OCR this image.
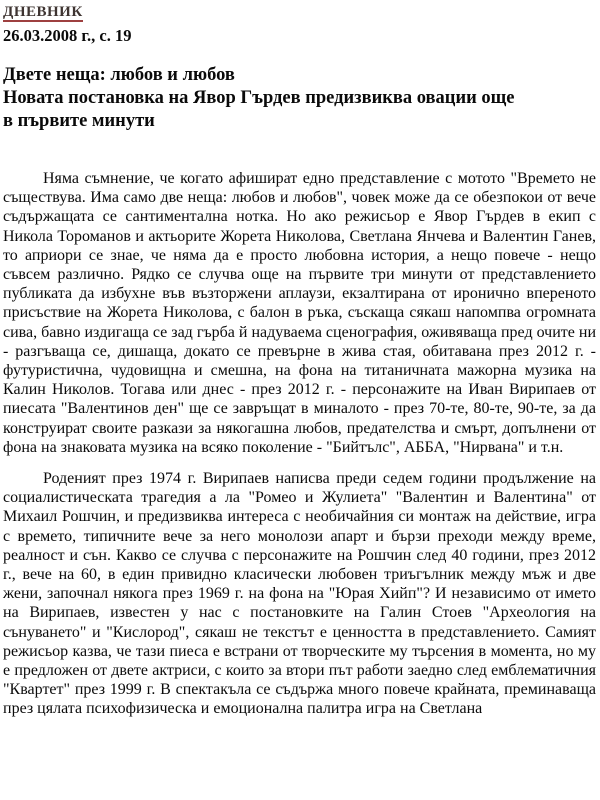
ДНЕВНИК
26.03.2008 г., с. 19
Двете неща: любов и любов
Новата постановка на Явор Гърдев предизвиква овации още
в първите минути

Няма съмнение, че когато афишират едно представление с мотото "Времето не съществува. Има само две неща: любов и любов", човек може да се обезпокои от вече съдържащата се сантиментална нотка. Но ако режисьор е Явор Гърдев в екип с Никола Тороманов и актьорите Жорета Николова, Светлана Янчева и Валентин Ганев, то априори се знае, че няма да е просто любовна история, а нещо повече - нещо съвсем различно. Рядко се случва още на първите три минути от представлението публиката да избухне във възторжени аплаузи, екзалтирана от иронично впереното присъствие на Жорета Николова, с балон в ръка, съскаща сякаш напомпва огромната сива, бавно издигаща се зад гърба й надуваема сценография, оживяваща пред очите ни - разгъваща се, дишаща, докато се превърне в жива стая, обитавана през 2012 г. - футуристична, чудовищна и смешна, на фона на титаничната мажорна музика на Калин Николов. Тогава или днес - през 2012 г. - персонажите на Иван Вирипаев от пиесата "Валентинов ден" ще се завръщат в миналото - през 70-те, 80-те, 90-те, за да конструират своите разкази за някогашна любов, предателства и смърт, допълнени от фона на знаковата музика на всяко поколение - "Бийтълс", АББА, "Нирвана" и т.н.

Роденият през 1974 г. Вирипаев написва преди седем години продължение на социалистическата трагедия а ла "Ромео и Жулиета" "Валентин и Валентина" от Михаил Рошчин, и предизвиква интереса с необичайния си монтаж на действие, игра с времето, типичните вече за него монолози апарт и бързи преходи между време, реалност и сън. Какво се случва с персонажите на Рошчин след 40 години, през 2012 г., вече на 60, в един привидно класически любовен триъгълник между мъж и две жени, започнал някога през 1969 г. на фона на "Юрая Хийп"? И независимо от името на Вирипаев, известен у нас с постановките на Галин Стоев "Археология на сънуването" и "Кислород", сякаш не текстът е ценността в представлението. Самият режисьор казва, че тази пиеса е встрани от творческите му търсения в момента, но му е предложен от двете актриси, с които за втори път работи заедно след емблематичния "Квартет" през 1999 г. В спектакъла се съдържа много повече крайната, преминаваща през цялата психофизическа и емоционална палитра игра на Светлана
